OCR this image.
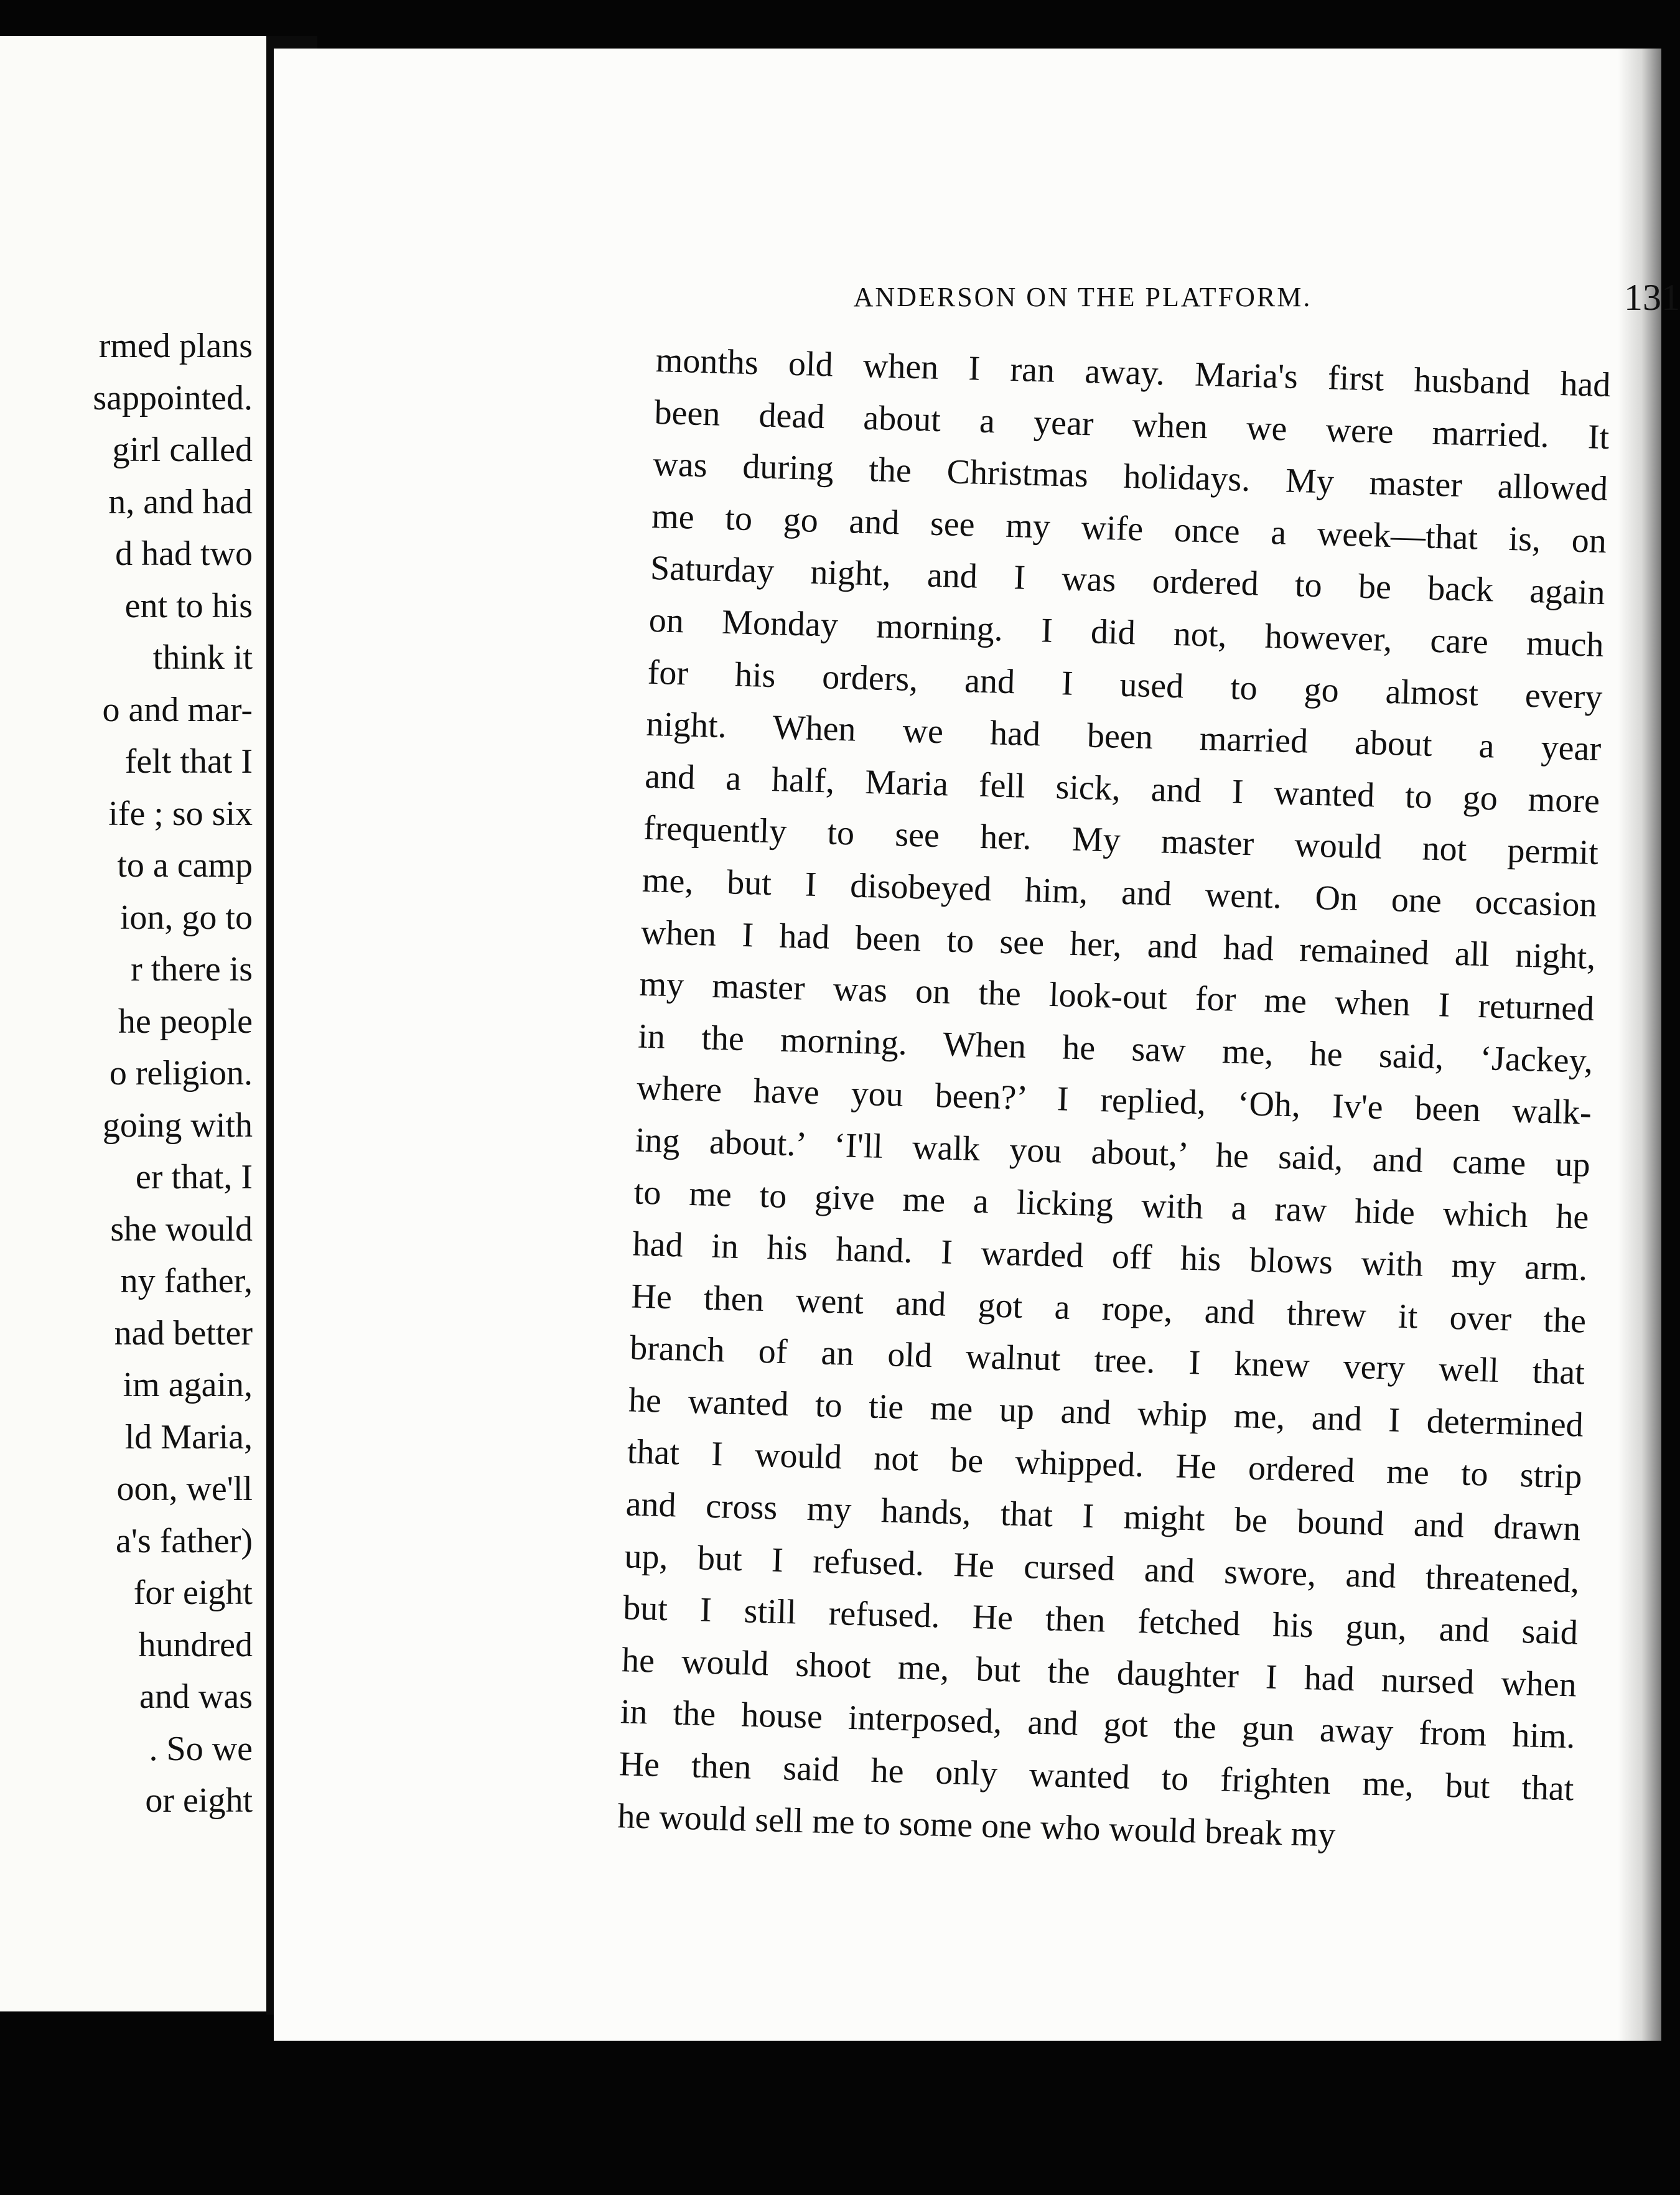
rmed plans
sappointed.
girl called
n, and had
d had two
ent to his
think it
o and mar-
felt that I
ife ; so six
to a camp
ion, go to
r there is
he people
o religion.
going with
er that, I
she would
ny father,
nad better
im again,
ld Maria,
oon, we'll
a's father)
for eight
hundred
and was
. So we
or eight
ANDERSON ON THE PLATFORM.	131
months old when I ran away. Maria's first husband had
been dead about a year when we were married. It
was during the Christmas holidays. My master allowed
me to go and see my wife once a week—that is, on
Saturday night, and I was ordered to be back again
on Monday morning. I did not, however, care much
for his orders, and I used to go almost every
night. When we had been married about a year
and a half, Maria fell sick, and I wanted to go more
frequently to see her. My master would not permit
me, but I disobeyed him, and went. On one occasion
when I had been to see her, and had remained all night,
my master was on the look-out for me when I returned
in the morning. When he saw me, he said, ‘Jackey,
where have you been?’ I replied, ‘Oh, Iv'e been walk-
ing about.’ ‘I'll walk you about,’ he said, and came up
to me to give me a licking with a raw hide which he
had in his hand. I warded off his blows with my arm.
He then went and got a rope, and threw it over the
branch of an old walnut tree. I knew very well that
he wanted to tie me up and whip me, and I determined
that I would not be whipped. He ordered me to strip
and cross my hands, that I might be bound and drawn
up, but I refused. He cursed and swore, and threatened,
but I still refused. He then fetched his gun, and said
he would shoot me, but the daughter I had nursed when
in the house interposed, and got the gun away from him.
He then said he only wanted to frighten me, but that
he would sell me to some one who would break my
